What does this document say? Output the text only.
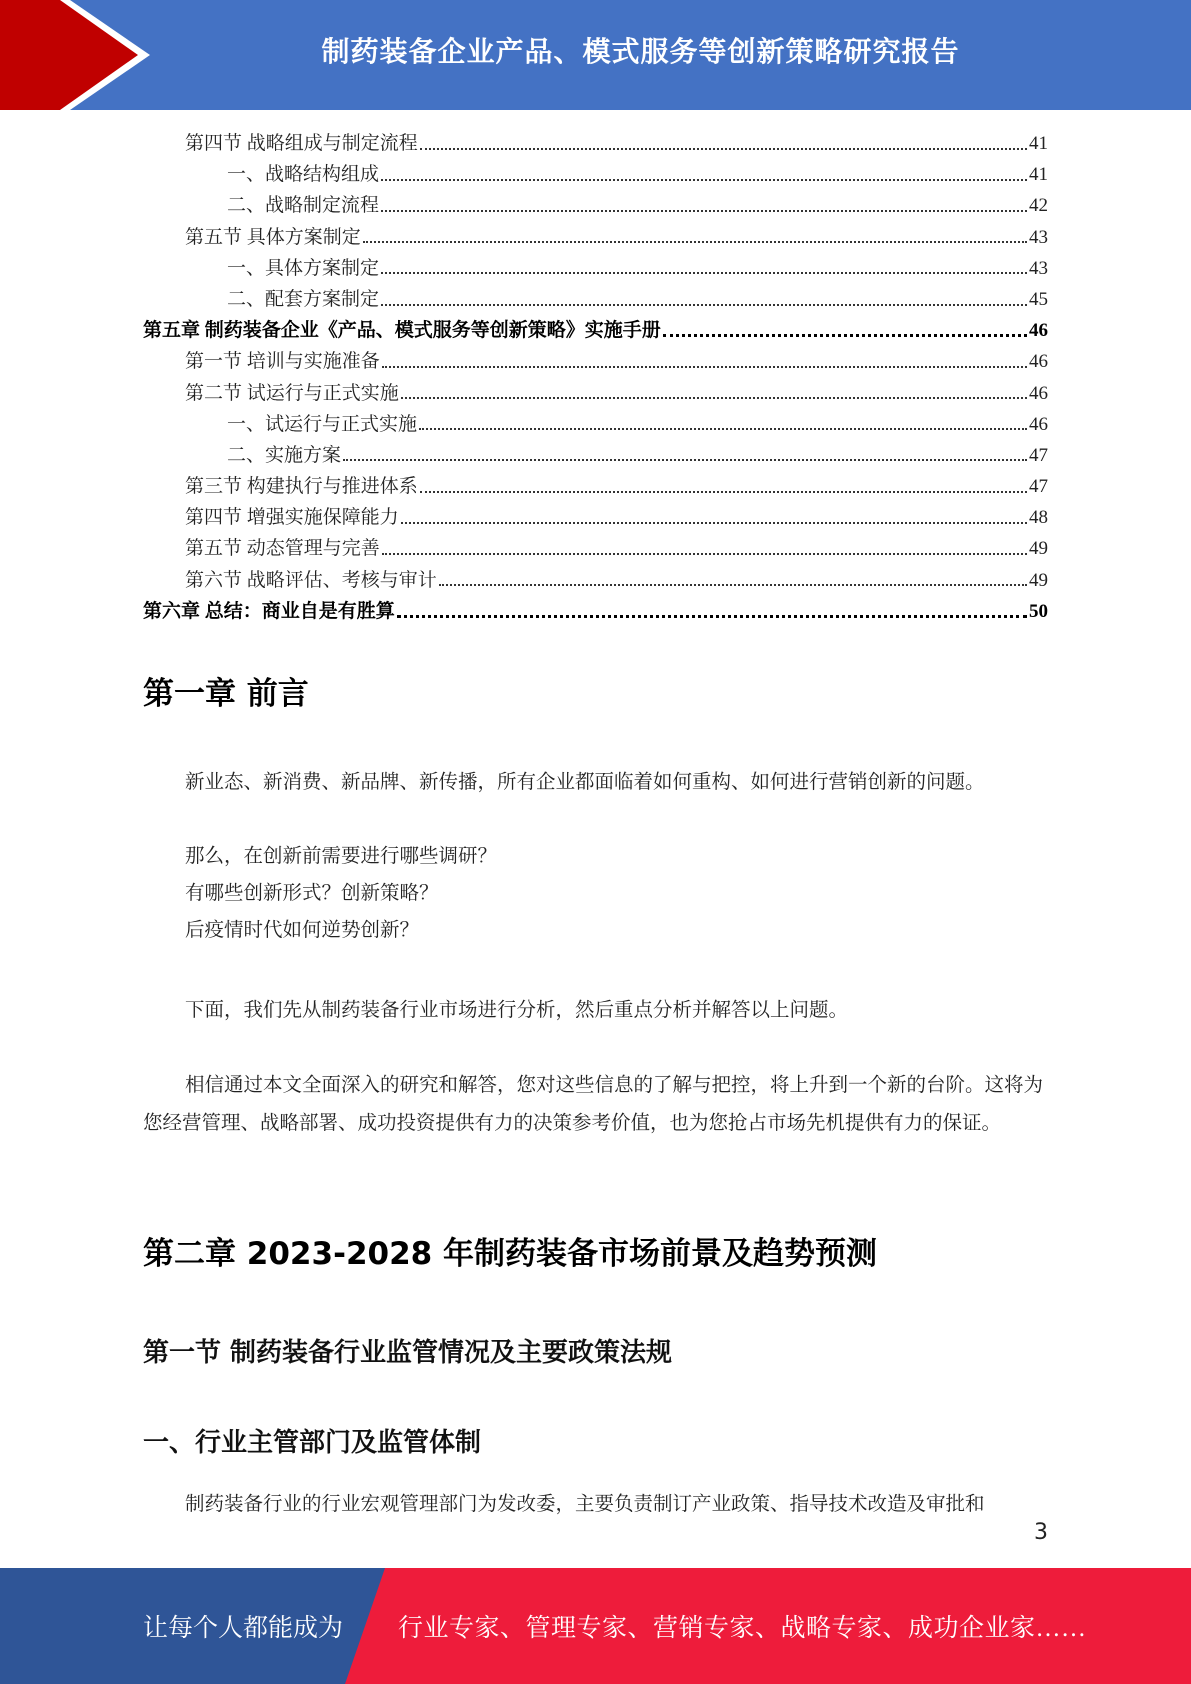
制药装备企业产品、模式服务等创新策略研究报告
第四节 战略组成与制定流程	41
一、战略结构组成	41
二、战略制定流程	42
第五节 具体方案制定	43
一、具体方案制定	43
二、配套方案制定	45
第五章 制药装备企业《产品、模式服务等创新策略》实施手册	46
第一节 培训与实施准备	46
第二节 试运行与正式实施	46
一、试运行与正式实施	46
二、实施方案	47
第三节 构建执行与推进体系	47
第四节 增强实施保障能力	48
第五节 动态管理与完善	49
第六节 战略评估、考核与审计	49
第六章 总结：商业自是有胜算	50
第一章 前言

新业态、新消费、新品牌、新传播，所有企业都面临着如何重构、如何进行营销创新的问题。

那么，在创新前需要进行哪些调研？

有哪些创新形式？创新策略？

后疫情时代如何逆势创新？

下面，我们先从制药装备行业市场进行分析，然后重点分析并解答以上问题。

相信通过本文全面深入的研究和解答，您对这些信息的了解与把控，将上升到一个新的台阶。这将为您经营管理、战略部署、成功投资提供有力的决策参考价值，也为您抢占市场先机提供有力的保证。

第二章 2023-2028 年制药装备市场前景及趋势预测
第一节 制药装备行业监管情况及主要政策法规
一、行业主管部门及监管体制

制药装备行业的行业宏观管理部门为发改委，主要负责制订产业政策、指导技术改造及审批和

3
让每个人都能成为 行业专家、管理专家、营销专家、战略专家、成功企业家……
